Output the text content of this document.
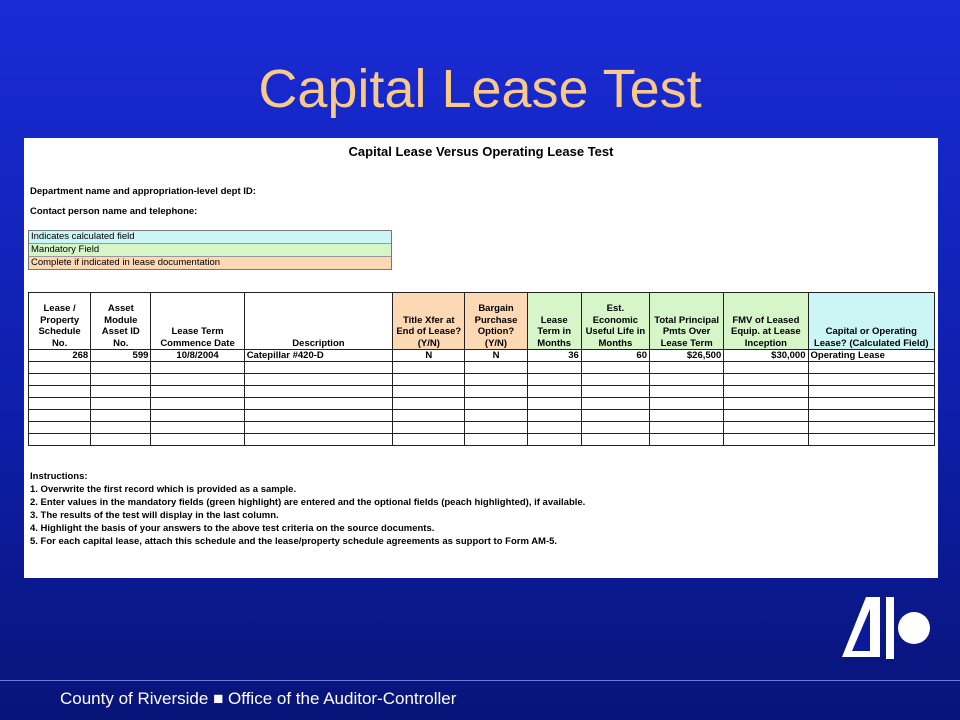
Capital Lease Test
Capital Lease Versus Operating Lease Test
Department name and appropriation-level dept ID:
Contact person name and telephone:
Indicates calculated field
Mandatory Field
Complete if indicated in lease documentation
Lease / Property Schedule No.	Asset Module Asset ID No.	Lease Term Commence Date	Description	Title Xfer at End of Lease? (Y/N)	Bargain Purchase Option? (Y/N)	Lease Term in Months	Est. Economic Useful Life in Months	Total Principal Pmts Over Lease Term	FMV of Leased Equip. at Lease Inception	Capital or Operating Lease? (Calculated Field)
268	599	10/8/2004	Catepillar #420-D	N	N	36	60	$26,500	$30,000	Operating Lease

Instructions:
1. Overwrite the first record which is provided as a sample.
2. Enter values in the mandatory fields (green highlight) are entered and the optional fields (peach highlighted), if available.
3. The results of the test will display in the last column.
4. Highlight the basis of your answers to the above test criteria on the source documents.
5. For each capital lease, attach this schedule and the lease/property schedule agreements as support to Form AM-5.
County of Riverside ■ Office of the Auditor-Controller
